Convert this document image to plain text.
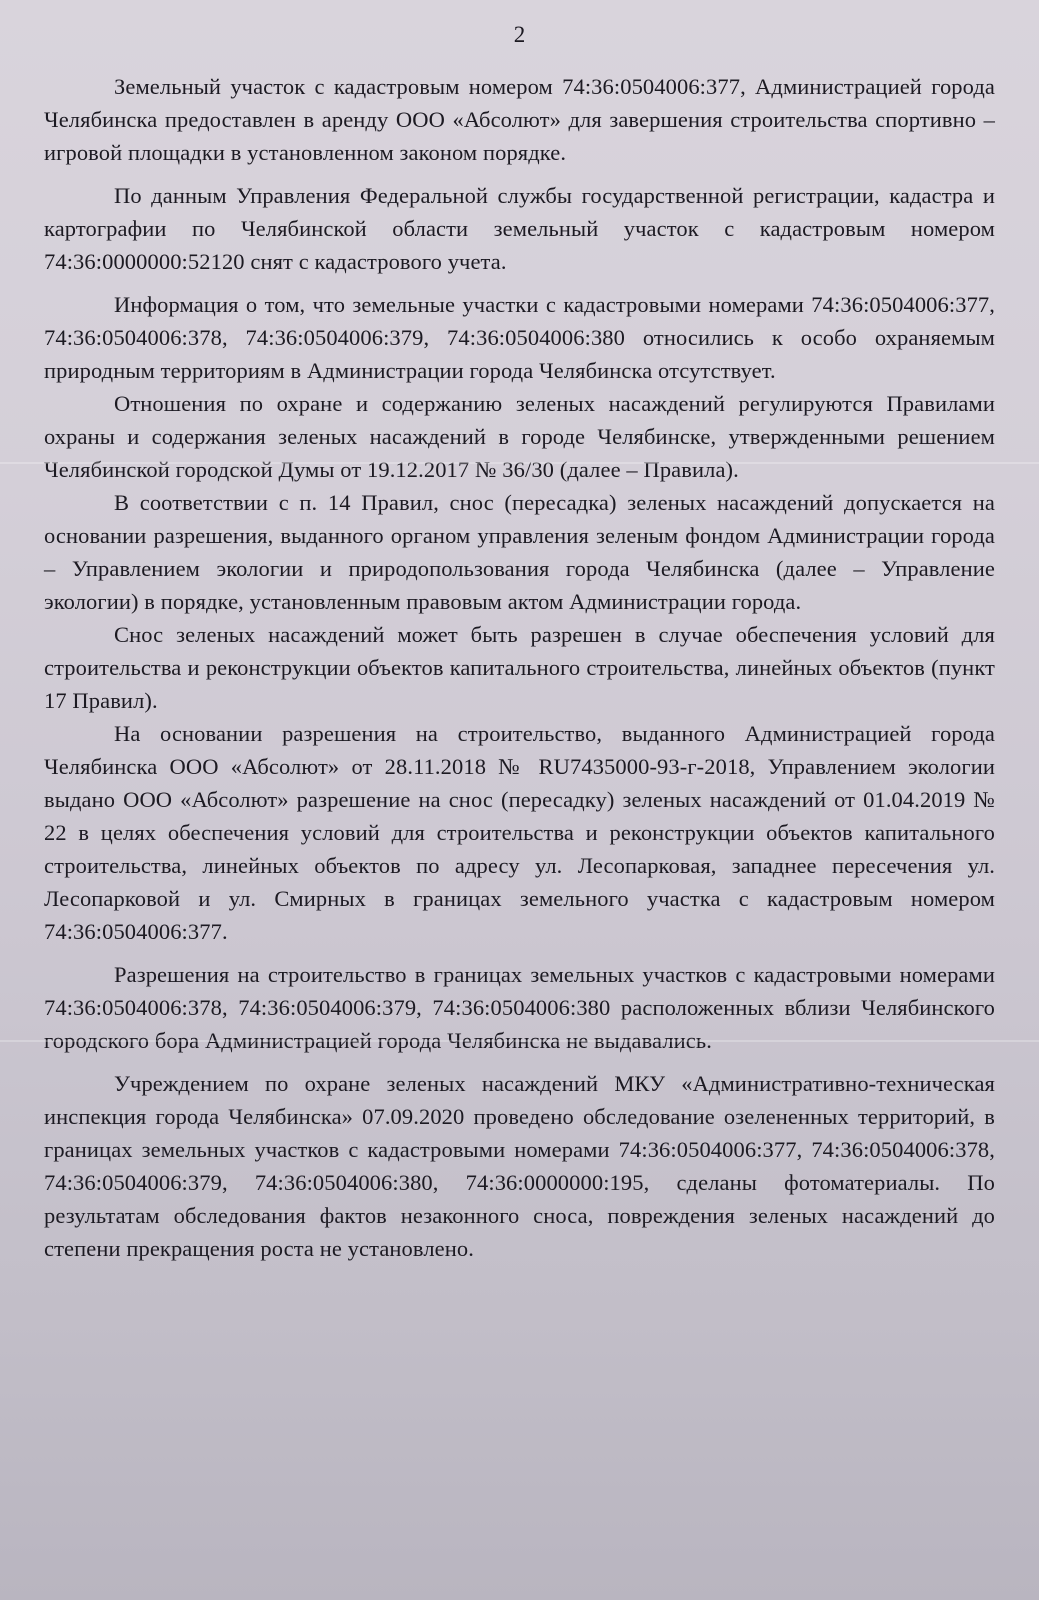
2

Земельный участок с кадастровым номером 74:36:0504006:377, Администрацией города Челябинска предоставлен в аренду ООО «Абсолют» для завершения строительства спортивно – игровой площадки в установленном законом порядке.

По данным Управления Федеральной службы государственной регистрации, кадастра и картографии по Челябинской области земельный участок с кадастровым номером 74:36:0000000:52120 снят с кадастрового учета.

Информация о том, что земельные участки с кадастровыми номерами 74:36:0504006:377, 74:36:0504006:378, 74:36:0504006:379, 74:36:0504006:380 относились к особо охраняемым природным территориям в Администрации города Челябинска отсутствует.

Отношения по охране и содержанию зеленых насаждений регулируются Правилами охраны и содержания зеленых насаждений в городе Челябинске, утвержденными решением Челябинской городской Думы от 19.12.2017 № 36/30 (далее – Правила).

В соответствии с п. 14 Правил, снос (пересадка) зеленых насаждений допускается на основании разрешения, выданного органом управления зеленым фондом Администрации города – Управлением экологии и природопользования города Челябинска (далее – Управление экологии) в порядке, установленным правовым актом Администрации города.

Снос зеленых насаждений может быть разрешен в случае обеспечения условий для строительства и реконструкции объектов капитального строительства, линейных объектов (пункт 17 Правил).

На основании разрешения на строительство, выданного Администрацией города Челябинска ООО «Абсолют» от 28.11.2018 № RU7435000-93-г-2018, Управлением экологии выдано ООО «Абсолют» разрешение на снос (пересадку) зеленых насаждений от 01.04.2019 № 22 в целях обеспечения условий для строительства и реконструкции объектов капитального строительства, линейных объектов по адресу ул. Лесопарковая, западнее пересечения ул. Лесопарковой и ул. Смирных в границах земельного участка с кадастровым номером 74:36:0504006:377.

Разрешения на строительство в границах земельных участков с кадастровыми номерами 74:36:0504006:378, 74:36:0504006:379, 74:36:0504006:380 расположенных вблизи Челябинского городского бора Администрацией города Челябинска не выдавались.

Учреждением по охране зеленых насаждений МКУ «Административно-техническая инспекция города Челябинска» 07.09.2020 проведено обследование озелененных территорий, в границах земельных участков с кадастровыми номерами 74:36:0504006:377, 74:36:0504006:378, 74:36:0504006:379, 74:36:0504006:380, 74:36:0000000:195, сделаны фотоматериалы. По результатам обследования фактов незаконного сноса, повреждения зеленых насаждений до степени прекращения роста не установлено.
